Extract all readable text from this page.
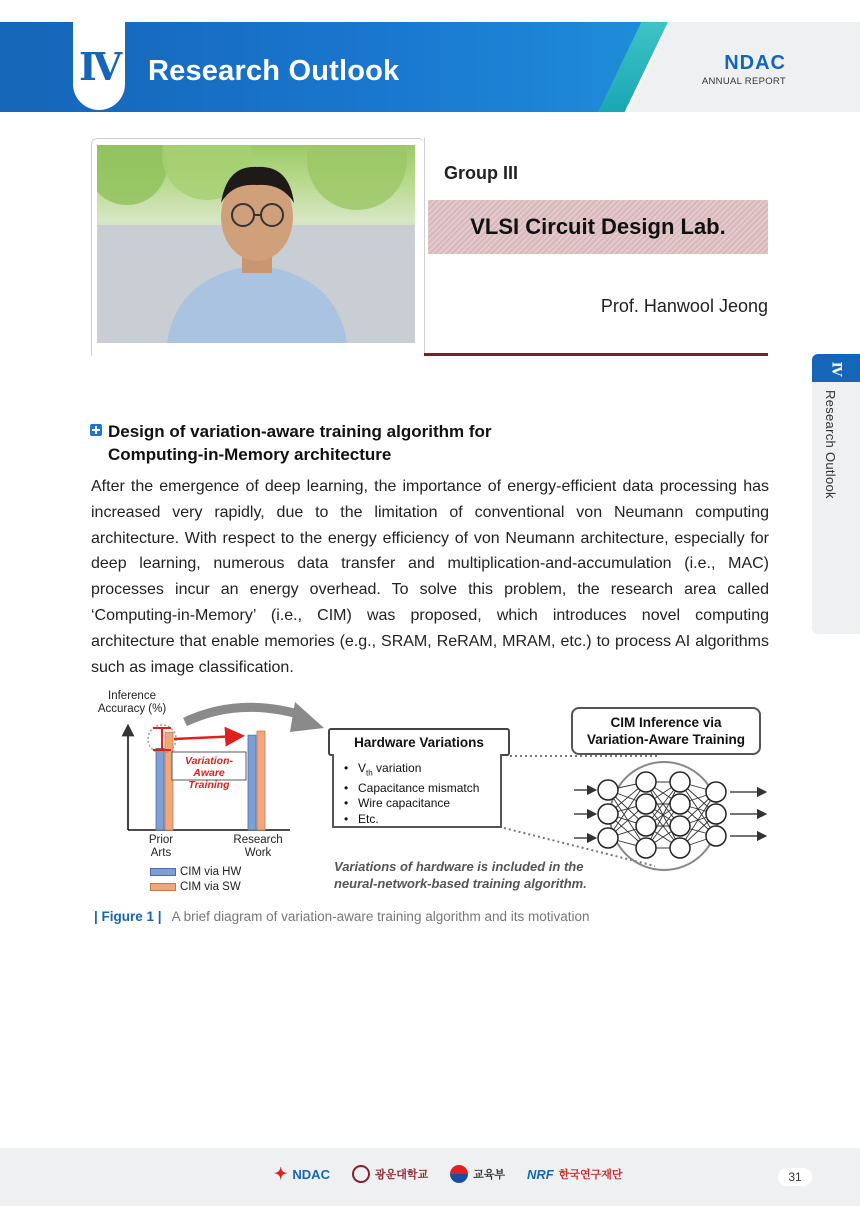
Ⅳ Research Outlook	NDAC
ANNUAL REPORT
Ⅳ
Research Outlook
Group III
VLSI Circuit Design Lab.
Prof. Hanwool Jeong
Design of variation-aware training algorithm for
Computing-in-Memory architecture

After the emergence of deep learning, the importance of energy-efficient data processing has increased very rapidly, due to the limitation of conventional von Neumann computing architecture. With respect to the energy efficiency of von Neumann architecture, especially for deep learning, numerous data transfer and multiplication-and-accumulation (i.e., MAC) processes incur an energy overhead. To solve this problem, the research area called ‘Computing-in-Memory’ (i.e., CIM) was proposed, which introduces novel computing architecture that enable memories (e.g., SRAM, ReRAM, MRAM, etc.) to process AI algorithms such as image classification.

Inference
Accuracy (%)
Variation-Aware
Training
Prior
Arts
Research
Work
CIM via HW
CIM via SW
Hardware Variations
• $V_{th}$ variation
• Capacitance mismatch
• Wire capacitance
• Etc.
CIM Inference via
Variation-Aware Training
Variations of hardware is included in the
neural-network-based training algorithm.
| Figure 1 | A brief diagram of variation-aware training algorithm and its motivation
✦ NDAC	광운대학교	교육부 NRF 한국연구재단	31
